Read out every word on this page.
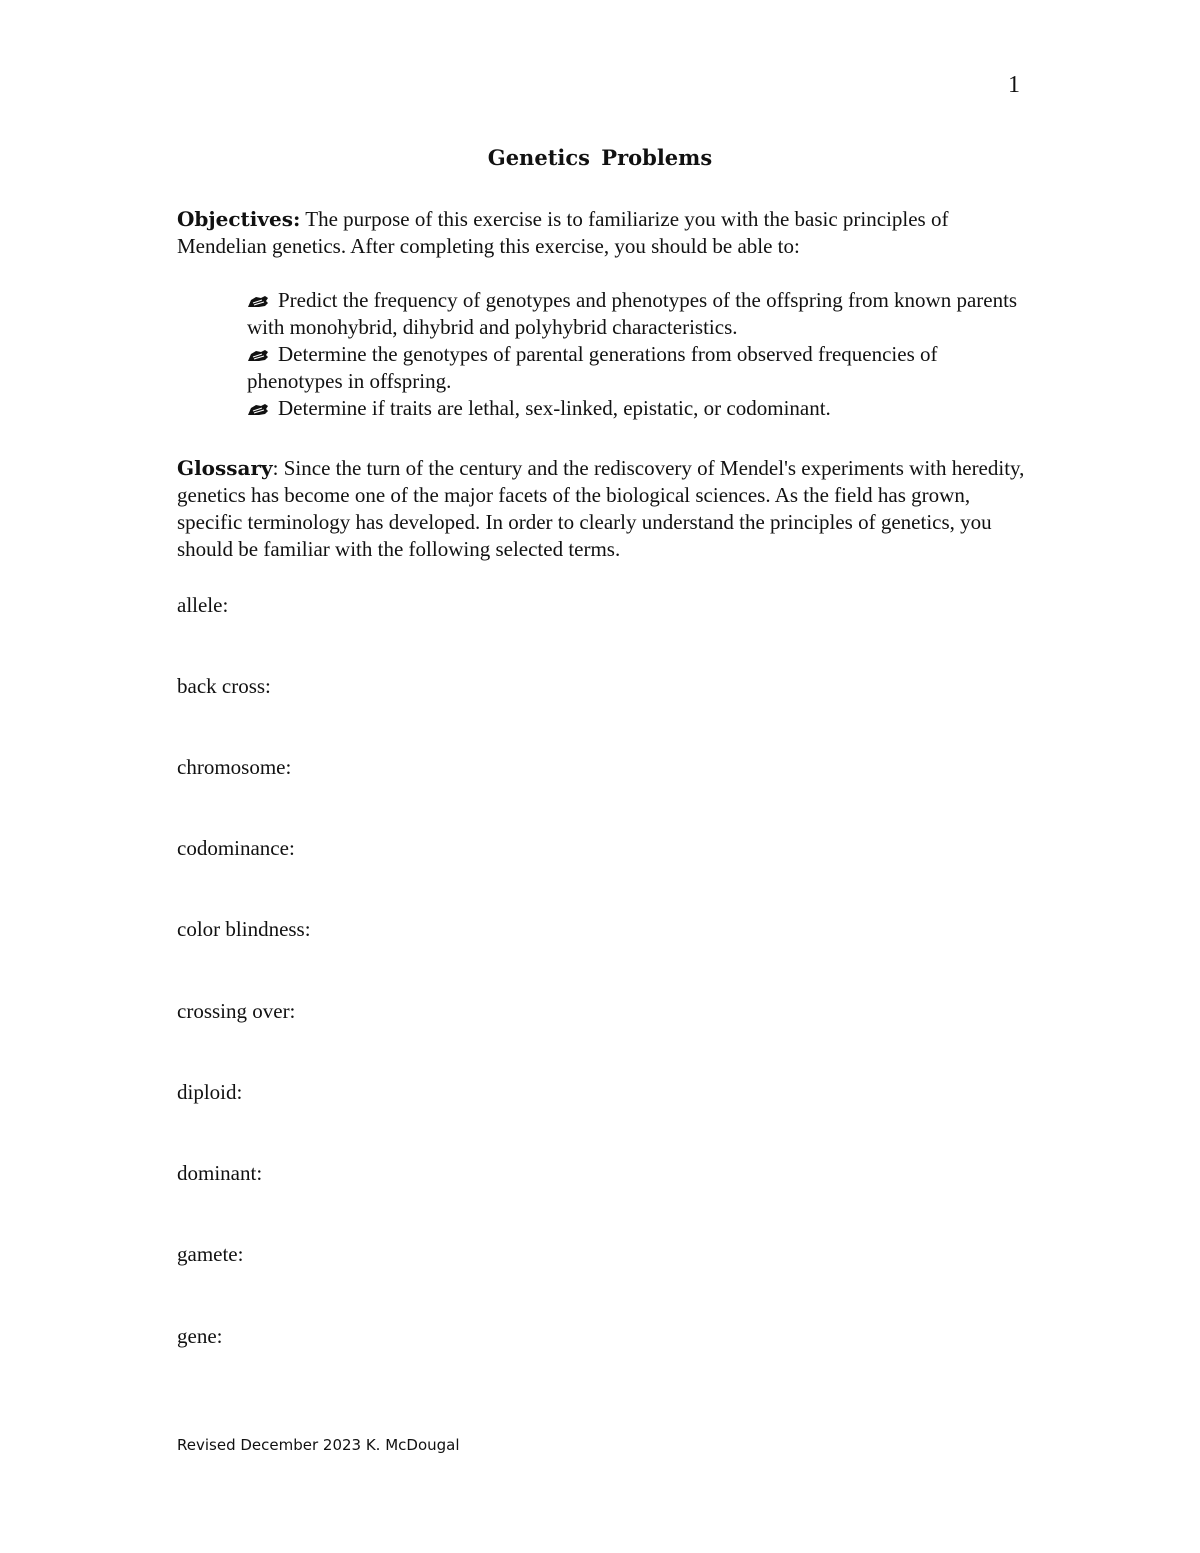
1
Genetics Problems

Objectives: The purpose of this exercise is to familiarize you with the basic principles of Mendelian genetics. After completing this exercise, you should be able to:

Predict the frequency of genotypes and phenotypes of the offspring from known parents with monohybrid, dihybrid and polyhybrid characteristics.
Determine the genotypes of parental generations from observed frequencies of phenotypes in offspring.
Determine if traits are lethal, sex-linked, epistatic, or codominant.

Glossary: Since the turn of the century and the rediscovery of Mendel's experiments with heredity, genetics has become one of the major facets of the biological sciences. As the field has grown, specific terminology has developed. In order to clearly understand the principles of genetics, you should be familiar with the following selected terms.

allele:
back cross:
chromosome:
codominance:
color blindness:
crossing over:
diploid:
dominant:
gamete:
gene:
Revised December 2023 K. McDougal
